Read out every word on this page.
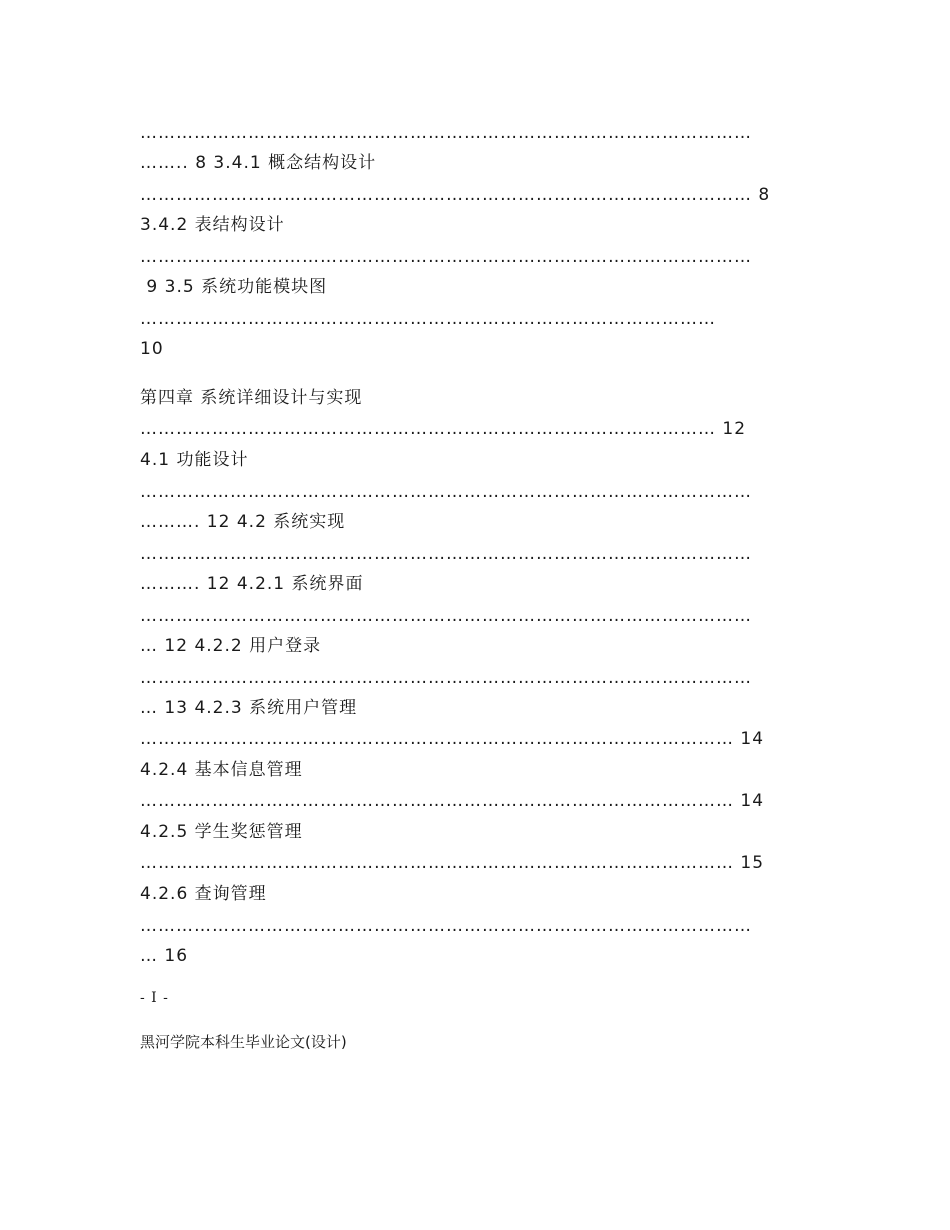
…………………………………………………………………………………………
…….. 8 3.4.1 概念结构设计
………………………………………………………………………………………… 8
3.4.2 表结构设计
…………………………………………………………………………………………
9 3.5 系统功能模块图
……………………………………………………………………………………
10
第四章 系统详细设计与实现
…………………………………………………………………………………… 12
4.1 功能设计
…………………………………………………………………………………………
………. 12 4.2 系统实现
…………………………………………………………………………………………
………. 12 4.2.1 系统界面
…………………………………………………………………………………………
… 12 4.2.2 用户登录
…………………………………………………………………………………………
… 13 4.2.3 系统用户管理
……………………………………………………………………………………… 14
4.2.4 基本信息管理
……………………………………………………………………………………… 14
4.2.5 学生奖惩管理
……………………………………………………………………………………… 15
4.2.6 查询管理
…………………………………………………………………………………………
… 16
- I -
黑河学院本科生毕业论文(设计)
